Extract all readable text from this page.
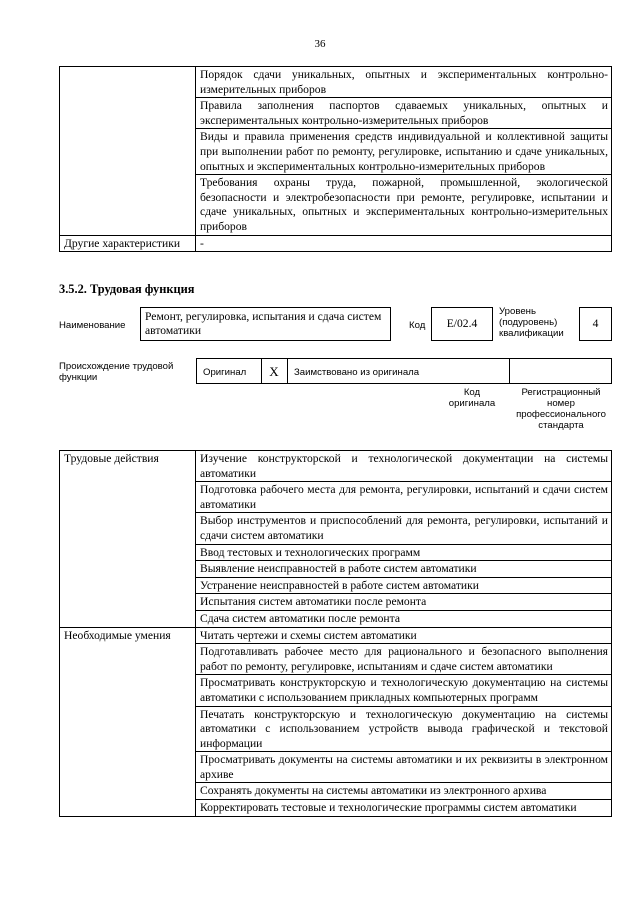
36
	Порядок сдачи уникальных, опытных и экспериментальных контрольно-измерительных приборов
	Правила заполнения паспортов сдаваемых уникальных, опытных и экспериментальных контрольно-измерительных приборов
	Виды и правила применения средств индивидуальной и коллективной защиты при выполнении работ по ремонту, регулировке, испытанию и сдаче уникальных, опытных и экспериментальных контрольно-измерительных приборов
	Требования охраны труда, пожарной, промышленной, экологической безопасности и электробезопасности при ремонте, регулировке, испытании и сдаче уникальных, опытных и экспериментальных контрольно-измерительных приборов
Другие характеристики	-
3.5.2. Трудовая функция
Наименование
Ремонт, регулировка, испытания и сдача систем автоматики	Код	E/02.4
Уровень (подуровень) квалификации
4
Происхождение трудовой функции	Оригинал X	Заимствовано из оригинала
Код оригинала
Регистрационный номер профессионального стандарта
Трудовые действия	Изучение конструкторской и технологической документации на системы автоматики
	Подготовка рабочего места для ремонта, регулировки, испытаний и сдачи систем автоматики
	Выбор инструментов и приспособлений для ремонта, регулировки, испытаний и сдачи систем автоматики
	Ввод тестовых и технологических программ
	Выявление неисправностей в работе систем автоматики
	Устранение неисправностей в работе систем автоматики
	Испытания систем автоматики после ремонта
	Сдача систем автоматики после ремонта
Необходимые умения	Читать чертежи и схемы систем автоматики
	Подготавливать рабочее место для рационального и безопасного выполнения работ по ремонту, регулировке, испытаниям и сдаче систем автоматики
	Просматривать конструкторскую и технологическую документацию на системы автоматики с использованием прикладных компьютерных программ
	Печатать конструкторскую и технологическую документацию на системы автоматики с использованием устройств вывода графической и текстовой информации
	Просматривать документы на системы автоматики и их реквизиты в электронном архиве
	Сохранять документы на системы автоматики из электронного архива
	Корректировать тестовые и технологические программы систем автоматики
